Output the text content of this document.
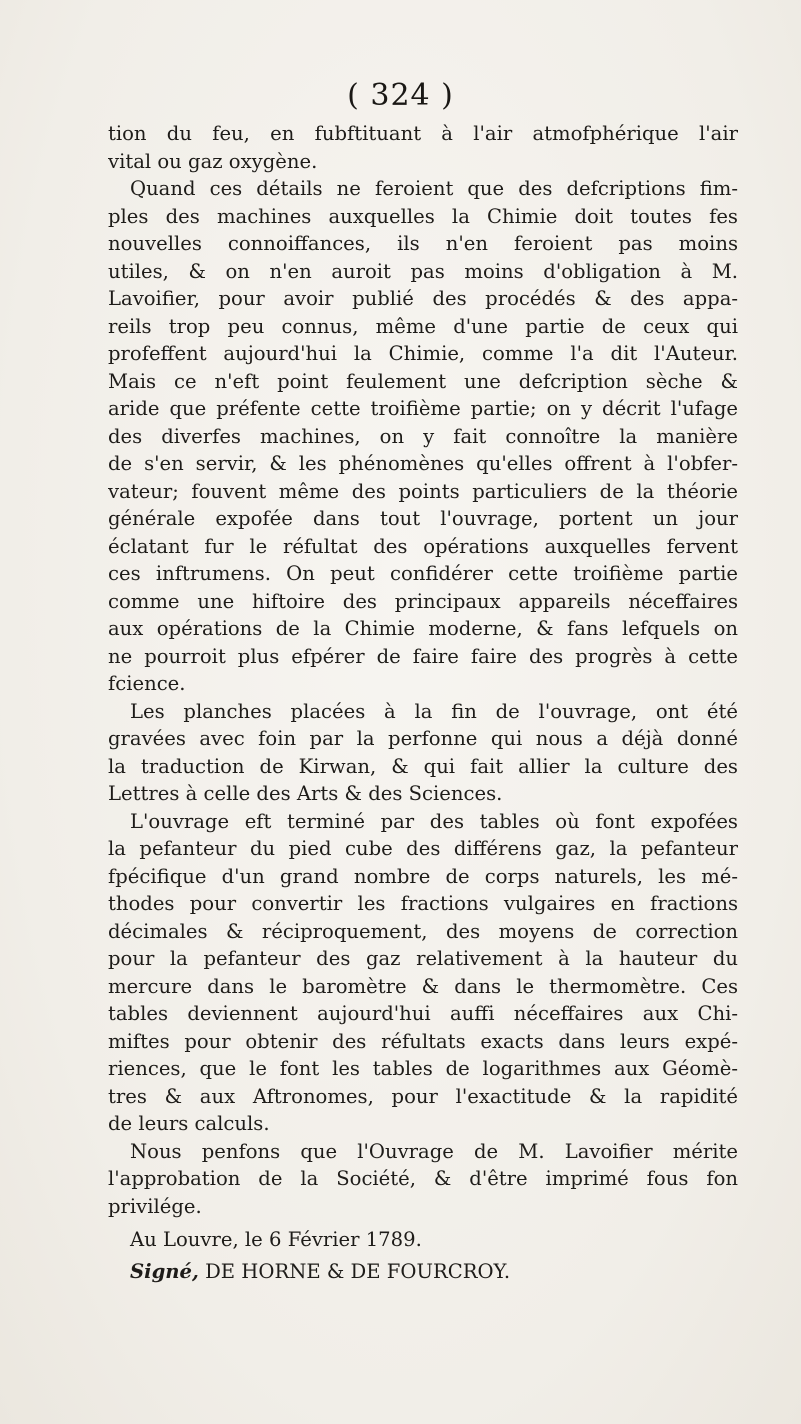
( 324 )
tion du feu, en fubftituant à l'air atmofphérique l'air
vital ou gaz oxygène.
Quand ces détails ne feroient que des defcriptions fim-
ples des machines auxquelles la Chimie doit toutes fes
nouvelles connoiffances, ils n'en feroient pas moins
utiles, & on n'en auroit pas moins d'obligation à M.
Lavoifier, pour avoir publié des procédés & des appa-
reils trop peu connus, même d'une partie de ceux qui
profeffent aujourd'hui la Chimie, comme l'a dit l'Auteur.
Mais ce n'eft point feulement une defcription sèche &
aride que préfente cette troifième partie; on y décrit l'ufage
des diverfes machines, on y fait connoître la manière
de s'en servir, & les phénomènes qu'elles offrent à l'obfer-
vateur; fouvent même des points particuliers de la théorie
générale expofée dans tout l'ouvrage, portent un jour
éclatant fur le réfultat des opérations auxquelles fervent
ces inftrumens. On peut confidérer cette troifième partie
comme une hiftoire des principaux appareils néceffaires
aux opérations de la Chimie moderne, & fans lefquels on
ne pourroit plus efpérer de faire faire des progrès à cette
fcience.
Les planches placées à la fin de l'ouvrage, ont été
gravées avec foin par la perfonne qui nous a déjà donné
la traduction de Kirwan, & qui fait allier la culture des
Lettres à celle des Arts & des Sciences.
L'ouvrage eft terminé par des tables où font expofées
la pefanteur du pied cube des différens gaz, la pefanteur
fpécifique d'un grand nombre de corps naturels, les mé-
thodes pour convertir les fractions vulgaires en fractions
décimales & réciproquement, des moyens de correction
pour la pefanteur des gaz relativement à la hauteur du
mercure dans le baromètre & dans le thermomètre. Ces
tables deviennent aujourd'hui auffi néceffaires aux Chi-
miftes pour obtenir des réfultats exacts dans leurs expé-
riences, que le font les tables de logarithmes aux Géomè-
tres & aux Aftronomes, pour l'exactitude & la rapidité
de leurs calculs.
Nous penfons que l'Ouvrage de M. Lavoifier mérite
l'approbation de la Société, & d'être imprimé fous fon
privilége.
Au Louvre, le 6 Février 1789.
Signé, DE HORNE & DE FOURCROY.
